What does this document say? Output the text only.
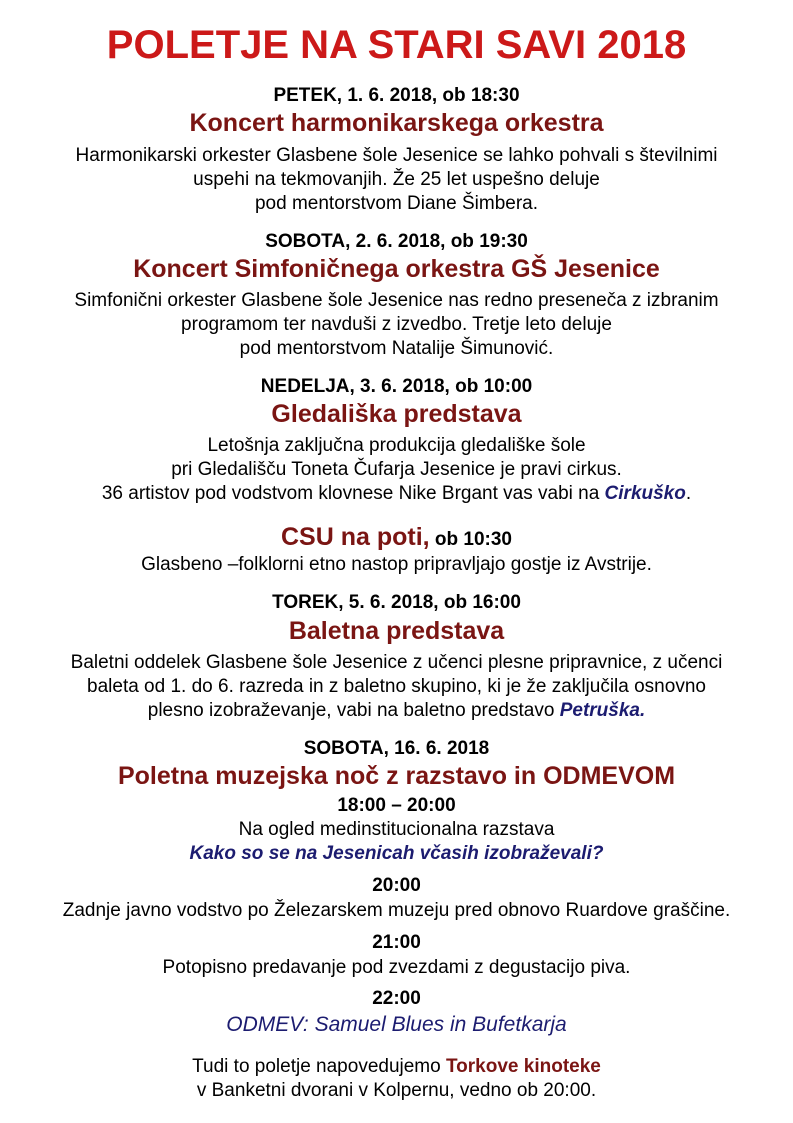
POLETJE NA STARI SAVI 2018
PETEK, 1. 6. 2018, ob 18:30
Koncert harmonikarskega orkestra
Harmonikarski orkester Glasbene šole Jesenice se lahko pohvali s številnimi
uspehi na tekmovanjih. Že 25 let uspešno deluje
pod mentorstvom Diane Šimbera.
SOBOTA, 2. 6. 2018, ob 19:30
Koncert Simfoničnega orkestra GŠ Jesenice
Simfonični orkester Glasbene šole Jesenice nas redno preseneča z izbranim
programom ter navduši z izvedbo. Tretje leto deluje
pod mentorstvom Natalije Šimunović.
NEDELJA, 3. 6. 2018, ob 10:00
Gledališka predstava
Letošnja zaključna produkcija gledališke šole
pri Gledališču Toneta Čufarja Jesenice je pravi cirkus.
36 artistov pod vodstvom klovnese Nike Brgant vas vabi na Cirkuško.
CSU na poti, ob 10:30
Glasbeno –folklorni etno nastop pripravljajo gostje iz Avstrije.
TOREK, 5. 6. 2018, ob 16:00
Baletna predstava
Baletni oddelek Glasbene šole Jesenice z učenci plesne pripravnice, z učenci
baleta od 1. do 6. razreda in z baletno skupino, ki je že zaključila osnovno
plesno izobraževanje, vabi na baletno predstavo Petruška.
SOBOTA, 16. 6. 2018
Poletna muzejska noč z razstavo in ODMEVOM
18:00 – 20:00
Na ogled medinstitucionalna razstava
Kako so se na Jesenicah včasih izobraževali?
20:00
Zadnje javno vodstvo po Železarskem muzeju pred obnovo Ruardove graščine.
21:00
Potopisno predavanje pod zvezdami z degustacijo piva.
22:00
ODMEV: Samuel Blues in Bufetkarja
Tudi to poletje napovedujemo Torkove kinoteke
v Banketni dvorani v Kolpernu, vedno ob 20:00.
